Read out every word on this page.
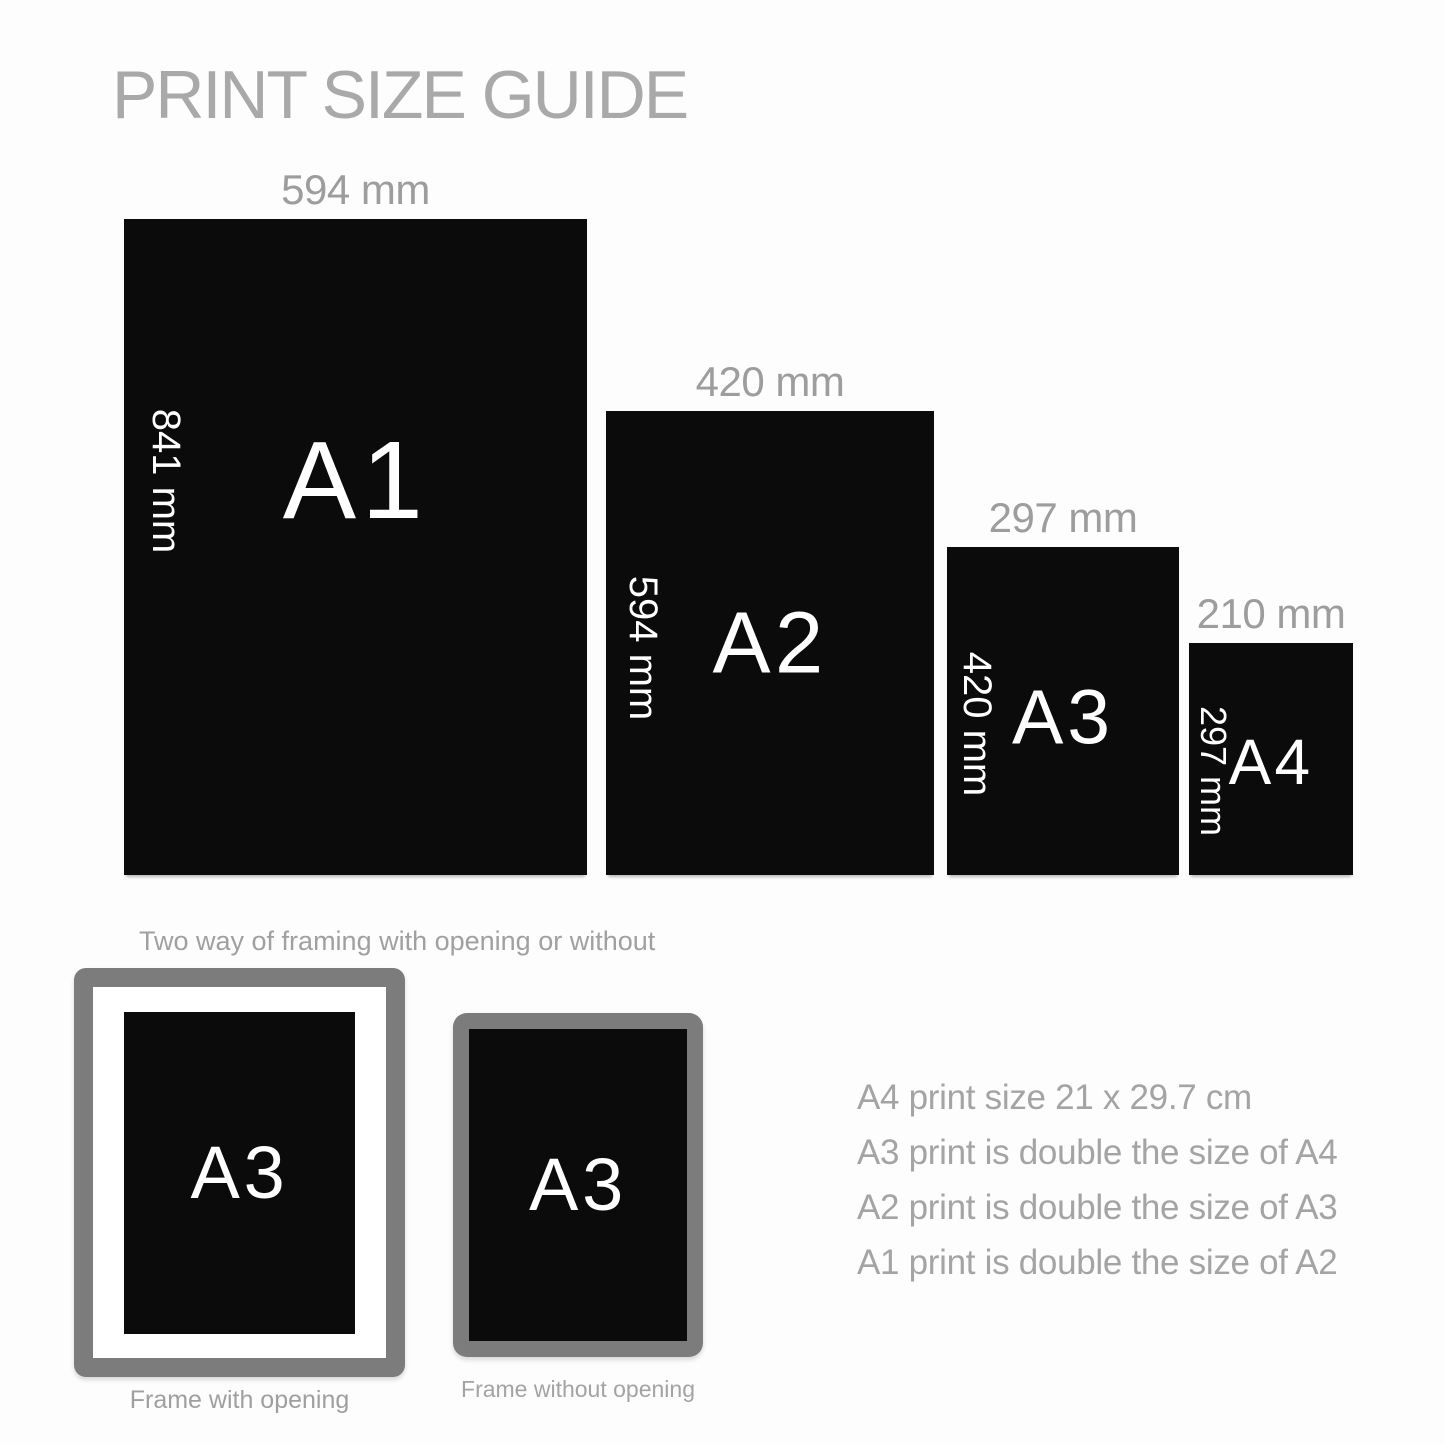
PRINT SIZE GUIDE
594 mm
420 mm
297 mm
210 mm
841 mm A1
594 mm A2
420 mm A3	297 mm
A4
Two way of framing with opening or without
A3
Frame with opening
A3
Frame without opening
A4 print size 21 x 29.7 cm
A3 print is double the size of A4
A2 print is double the size of A3
A1 print is double the size of A2
